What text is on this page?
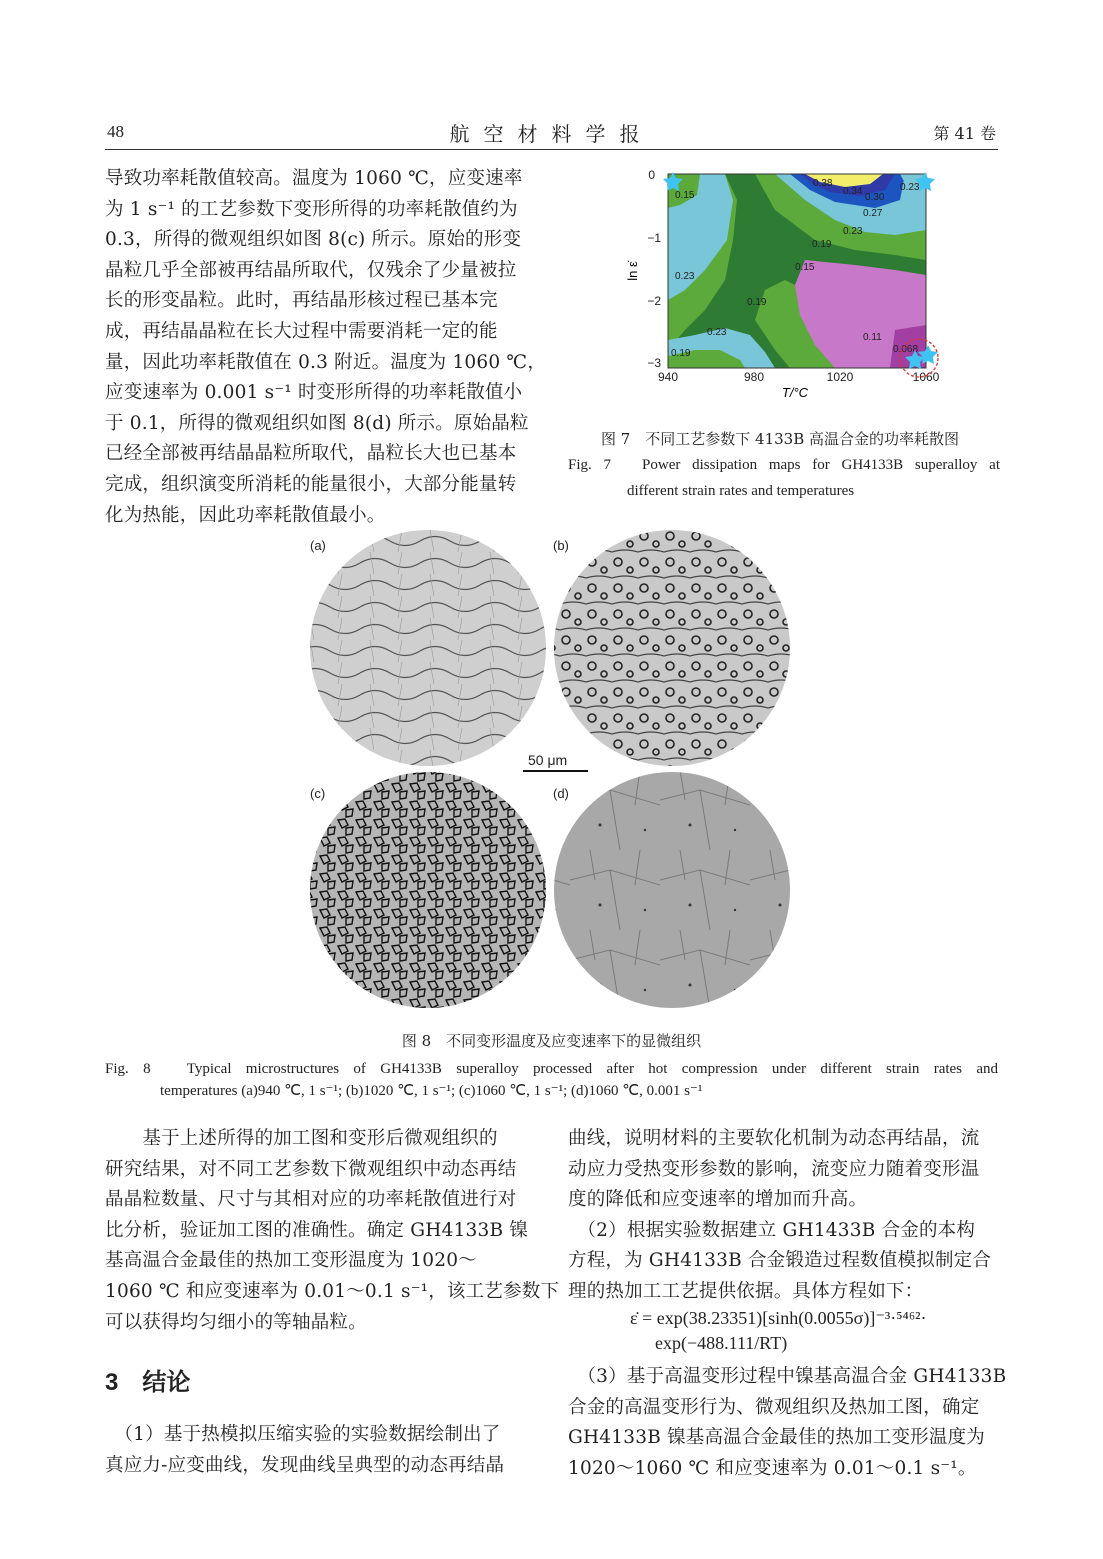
48	航空材料学报	第 41 卷
导致功率耗散值较高。温度为 1060 ℃，应变速率
为 1 s⁻¹ 的工艺参数下变形所得的功率耗散值约为
0.3，所得的微观组织如图 8(c) 所示。原始的形变
晶粒几乎全部被再结晶所取代，仅残余了少量被拉
长的形变晶粒。此时，再结晶形核过程已基本完
成，再结晶晶粒在长大过程中需要消耗一定的能
量，因此功率耗散值在 0.3 附近。温度为 1060 ℃，
应变速率为 0.001 s⁻¹ 时变形所得的功率耗散值小
于 0.1，所得的微观组织如图 8(d) 所示。原始晶粒
已经全部被再结晶晶粒所取代，晶粒长大也已基本
完成，组织演变所消耗的能量很小，大部分能量转
化为热能，因此功率耗散值最小。
0
−1
−2
−3
940	980	1020	1060
T/°C
ln ε̇
0.38
0.34
0.30
0.27
0.23
0.23
0.15
0.19
0.15
0.23
0.19
0.23	0.11
0.068
0.19
图 7　不同工艺参数下 4133B 高温合金的功率耗散图
Fig. 7　Power dissipation maps for GH4133B superalloy at
different strain rates and temperatures
(a)	(b)
(c)	(d)
50 μm
图 8　不同变形温度及应变速率下的显微组织
Fig. 8　Typical microstructures of GH4133B superalloy processed after hot compression under different strain rates and
temperatures (a)940 ℃, 1 s⁻¹; (b)1020 ℃, 1 s⁻¹; (c)1060 ℃, 1 s⁻¹; (d)1060 ℃, 0.001 s⁻¹
　　基于上述所得的加工图和变形后微观组织的
研究结果，对不同工艺参数下微观组织中动态再结
晶晶粒数量、尺寸与其相对应的功率耗散值进行对
比分析，验证加工图的准确性。确定 GH4133B 镍
基高温合金最佳的热加工变形温度为 1020～
1060 ℃ 和应变速率为 0.01～0.1 s⁻¹，该工艺参数下
可以获得均匀细小的等轴晶粒。
3　结论
　（1）基于热模拟压缩实验的实验数据绘制出了
真应力-应变曲线，发现曲线呈典型的动态再结晶
曲线，说明材料的主要软化机制为动态再结晶，流
动应力受热变形参数的影响，流变应力随着变形温
度的降低和应变速率的增加而升高。
　（2）根据实验数据建立 GH1433B 合金的本构
方程，为 GH4133B 合金锻造过程数值模拟制定合
理的热加工工艺提供依据。具体方程如下：
ε̇ = exp(38.23351)[sinh(0.0055σ)]⁻³·⁵⁴⁶²·
exp(−488.111/RT)
　（3）基于高温变形过程中镍基高温合金 GH4133B
合金的高温变形行为、微观组织及热加工图，确定
GH4133B 镍基高温合金最佳的热加工变形温度为
1020～1060 ℃ 和应变速率为 0.01～0.1 s⁻¹。
